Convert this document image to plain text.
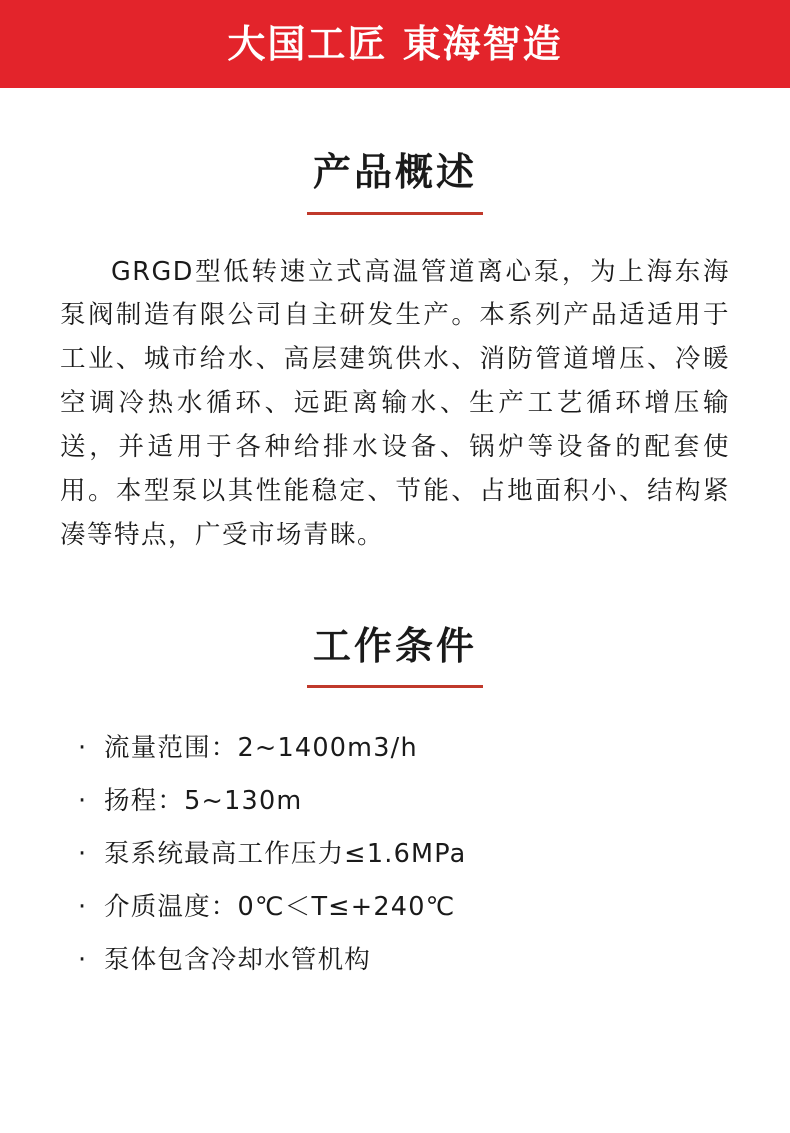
大国工匠 東海智造
产品概述

GRGD型低转速立式高温管道离心泵，为上海东海泵阀制造有限公司自主研发生产。本系列产品适适用于工业、城市给水、高层建筑供水、消防管道增压、冷暖空调冷热水循环、远距离输水、生产工艺循环增压输送，并适用于各种给排水设备、锅炉等设备的配套使用。本型泵以其性能稳定、节能、占地面积小、结构紧凑等特点，广受市场青睐。

工作条件
· 流量范围：2~1400m3/h
· 扬程：5~130m
· 泵系统最高工作压力≤1.6MPa
· 介质温度：0℃＜T≤+240℃
· 泵体包含冷却水管机构
